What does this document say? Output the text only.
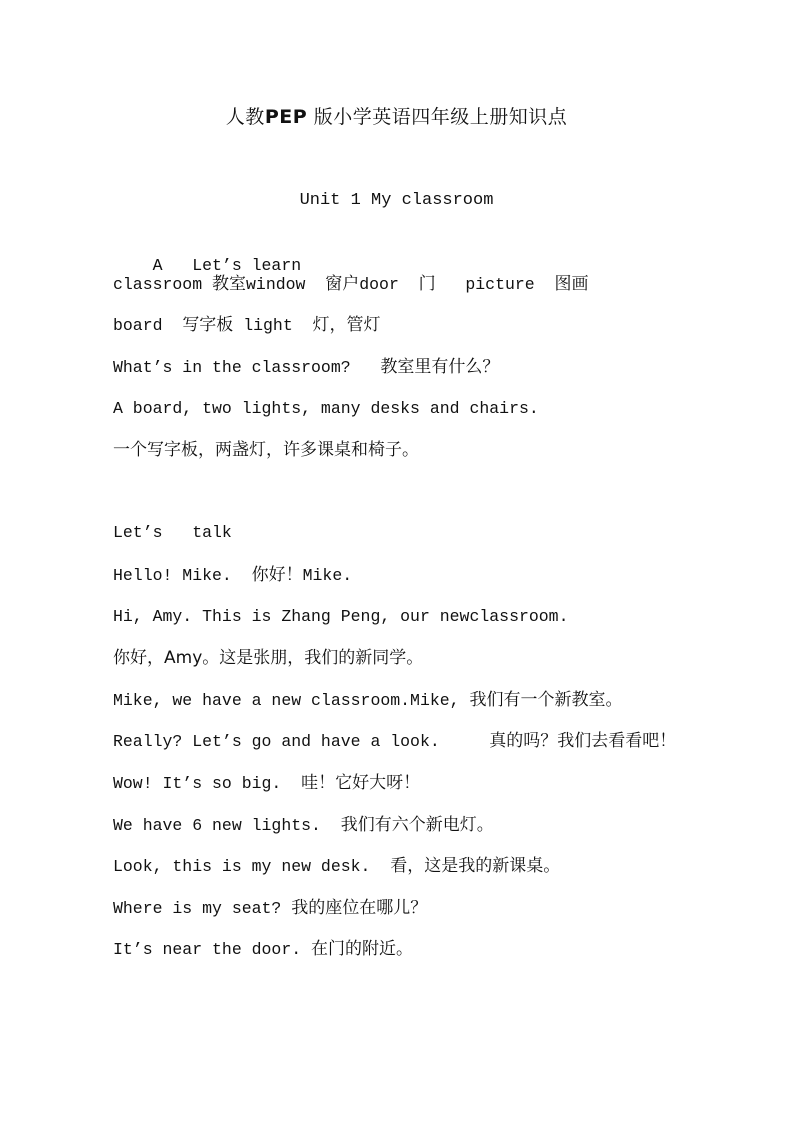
人教PEP 版小学英语四年级上册知识点
Unit 1 My classroom

A   Let’s learn

classroom 教室window  窗户door  门   picture  图画
board  写字板 light  灯，管灯
What’s in the classroom?   教室里有什么？
A board, two lights, many desks and chairs.
一个写字板，两盏灯，许多课桌和椅子。
Let’s   talk
Hello! Mike.  你好！Mike.
Hi, Amy. This is Zhang Peng, our newclassroom.
你好，Amy。这是张朋，我们的新同学。
Mike, we have a new classroom.Mike, 我们有一个新教室。
Really? Let’s go and have a look.     真的吗？我们去看看吧！
Wow! It’s so big.  哇！它好大呀！
We have 6 new lights.  我们有六个新电灯。
Look, this is my new desk.  看，这是我的新课桌。
Where is my seat? 我的座位在哪儿？
It’s near the door. 在门的附近。
